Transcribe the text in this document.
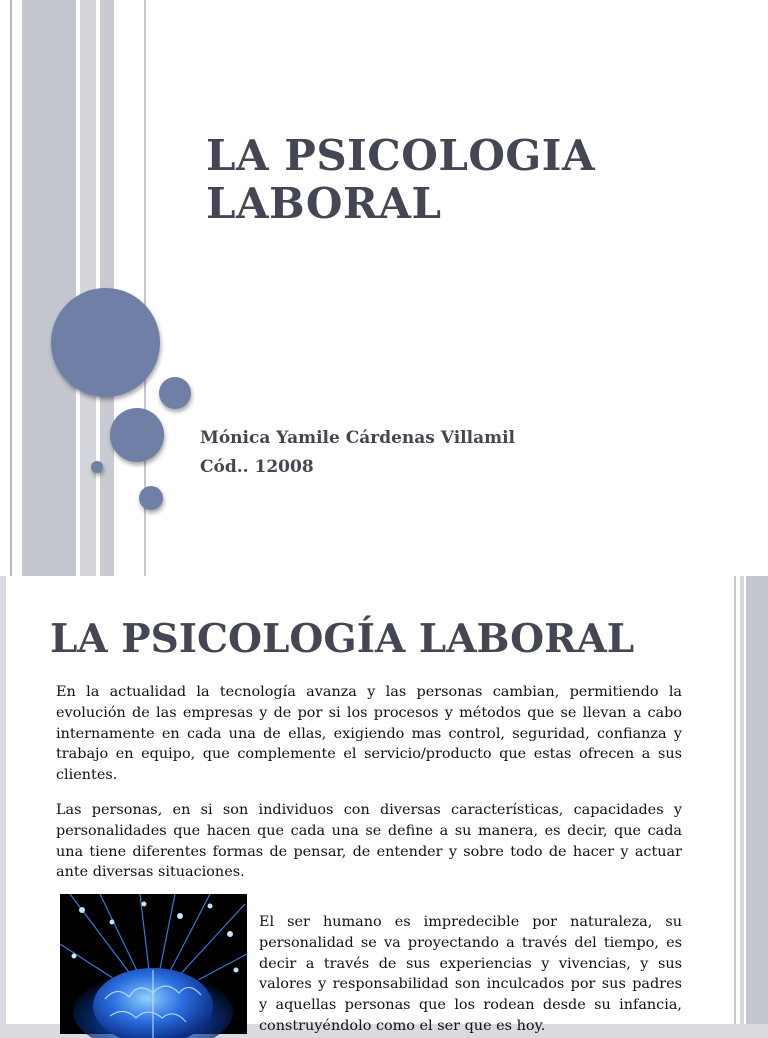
LA PSICOLOGIA
LABORAL
Mónica Yamile Cárdenas Villamil
Cód.. 12008
LA PSICOLOGÍA LABORAL
En la actualidad la tecnología avanza y las personas cambian, permitiendo la evolución de las empresas y de por si los procesos y métodos que se llevan a cabo internamente en cada una de ellas, exigiendo mas control, seguridad, confianza y trabajo en equipo, que complemente el servicio/producto que estas ofrecen a sus clientes.
Las personas, en si son individuos con diversas características, capacidades y personalidades que hacen que cada una se define a su manera, es decir, que cada una tiene diferentes formas de pensar, de entender y sobre todo de hacer y actuar ante diversas situaciones.
El ser humano es impredecible por naturaleza, su personalidad se va proyectando a través del tiempo, es decir a través de sus experiencias y vivencias, y sus valores y responsabilidad son inculcados por sus padres y aquellas personas que los rodean desde su infancia, construyéndolo como el ser que es hoy.
